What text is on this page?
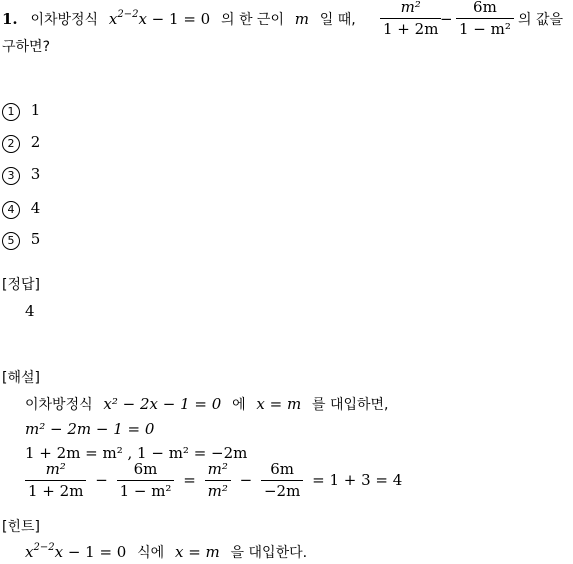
1. 이차방정식 $x^{2-2}x - 1 = 0$ 의 한 근이 m 일 때, $\frac{\text{m²}}{1 + 2m}$
− $\frac{6m}{\text{1 − m²}}$ 의 값을
구하면?
1 1
2 2
3 3
4 4
5 5
[정답]
4
[해설]
이차방정식 x² − 2x − 1 = 0 에 x = m 를 대입하면,
m² − 2m − 1 = 0
1 + 2m = m² , 1 − m² = −2m
$\frac{\text{m²}}{1 + 2m} - \frac{6m}{\text{1 − m²}} = \frac{\text{m²}}{\text{m²}} - \frac{6m}{-2m} = 1 + 3 = 4$
[힌트]
$x^{2-2}x - 1 = 0$ 식에 x = m 을 대입한다.
